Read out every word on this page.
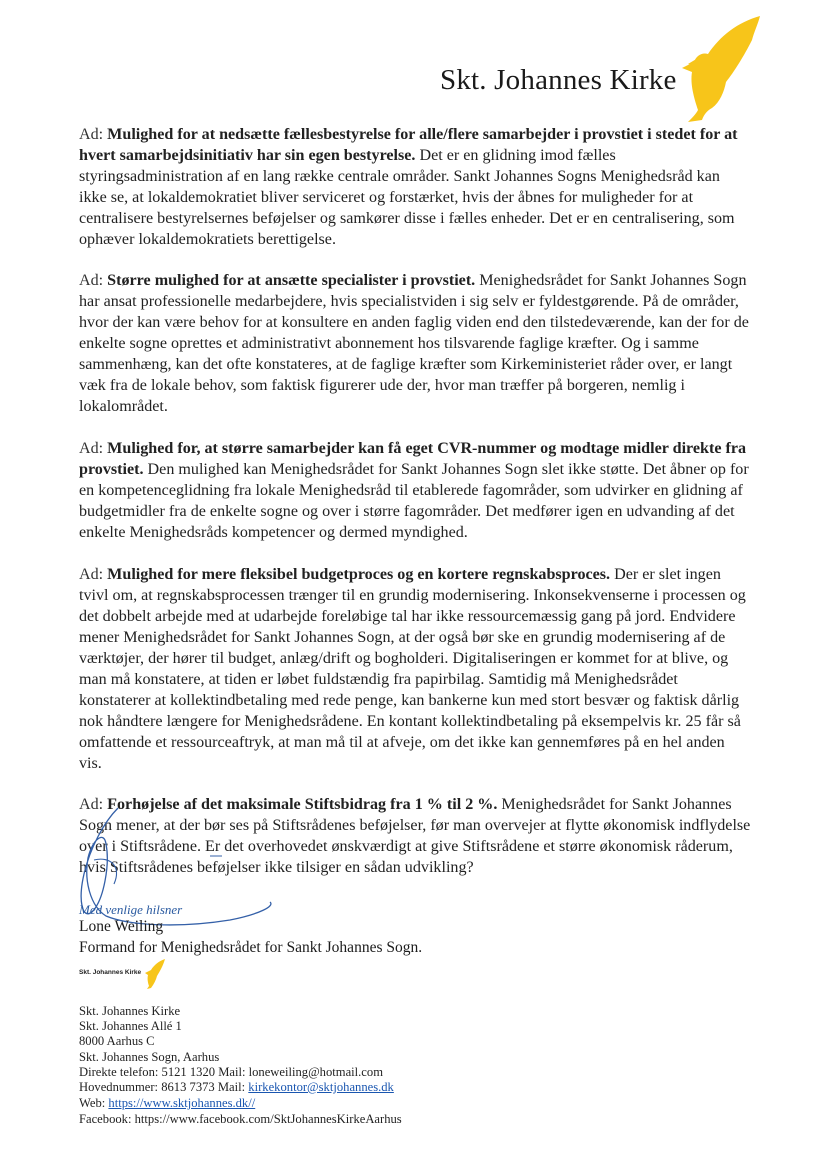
Skt. Johannes Kirke

Ad: Mulighed for at nedsætte fællesbestyrelse for alle/flere samarbejder i provstiet i stedet for at hvert samarbejdsinitiativ har sin egen bestyrelse. Det er en glidning imod fælles styringsadministration af en lang række centrale områder. Sankt Johannes Sogns Menighedsråd kan ikke se, at lokaldemokratiet bliver serviceret og forstærket, hvis der åbnes for muligheder for at centralisere bestyrelsernes beføjelser og samkører disse i fælles enheder. Det er en centralisering, som ophæver lokaldemokratiets berettigelse.

Ad: Større mulighed for at ansætte specialister i provstiet. Menighedsrådet for Sankt Johannes Sogn har ansat professionelle medarbejdere, hvis specialistviden i sig selv er fyldestgørende. På de områder, hvor der kan være behov for at konsultere en anden faglig viden end den tilstedeværende, kan der for de enkelte sogne oprettes et administrativt abonnement hos tilsvarende faglige kræfter. Og i samme sammenhæng, kan det ofte konstateres, at de faglige kræfter som Kirkeministeriet råder over, er langt væk fra de lokale behov, som faktisk figurerer ude der, hvor man træffer på borgeren, nemlig i lokalområdet.

Ad: Mulighed for, at større samarbejder kan få eget CVR-nummer og modtage midler direkte fra provstiet. Den mulighed kan Menighedsrådet for Sankt Johannes Sogn slet ikke støtte. Det åbner op for en kompetenceglidning fra lokale Menighedsråd til etablerede fagområder, som udvirker en glidning af budgetmidler fra de enkelte sogne og over i større fagområder. Det medfører igen en udvanding af det enkelte Menighedsråds kompetencer og dermed myndighed.

Ad: Mulighed for mere fleksibel budgetproces og en kortere regnskabsproces. Der er slet ingen tvivl om, at regnskabsprocessen trænger til en grundig modernisering. Inkonsekvenserne i processen og det dobbelt arbejde med at udarbejde foreløbige tal har ikke ressourcemæssig gang på jord. Endvidere mener Menighedsrådet for Sankt Johannes Sogn, at der også bør ske en grundig modernisering af de værktøjer, der hører til budget, anlæg/drift og bogholderi. Digitaliseringen er kommet for at blive, og man må konstatere, at tiden er løbet fuldstændig fra papirbilag. Samtidig må Menighedsrådet konstaterer at kollektindbetaling med rede penge, kan bankerne kun med stort besvær og faktisk dårlig nok håndtere længere for Menighedsrådene. En kontant kollektindbetaling på eksempelvis kr. 25 får så omfattende et ressourceaftryk, at man må til at afveje, om det ikke kan gennemføres på en hel anden vis.

Ad: Forhøjelse af det maksimale Stiftsbidrag fra 1 % til 2 %. Menighedsrådet for Sankt Johannes Sogn mener, at der bør ses på Stiftsrådenes beføjelser, før man overvejer at flytte økonomisk indflydelse over i Stiftsrådene. Er det overhovedet ønskværdigt at give Stiftsrådene et større økonomisk råderum, hvis Stiftsrådenes beføjelser ikke tilsiger en sådan udvikling?

Med venlige hilsner
Lone Weiling
Formand for Menighedsrådet for Sankt Johannes Sogn.
Skt. Johannes Kirke
Skt. Johannes Kirke
Skt. Johannes Allé 1
8000 Aarhus C
Skt. Johannes Sogn, Aarhus
Direkte telefon: 5121 1320 Mail: loneweiling@hotmail.com
Hovednummer: 8613 7373 Mail: kirkekontor@sktjohannes.dk
Web: https://www.sktjohannes.dk//
Facebook: https://www.facebook.com/SktJohannesKirkeAarhus
